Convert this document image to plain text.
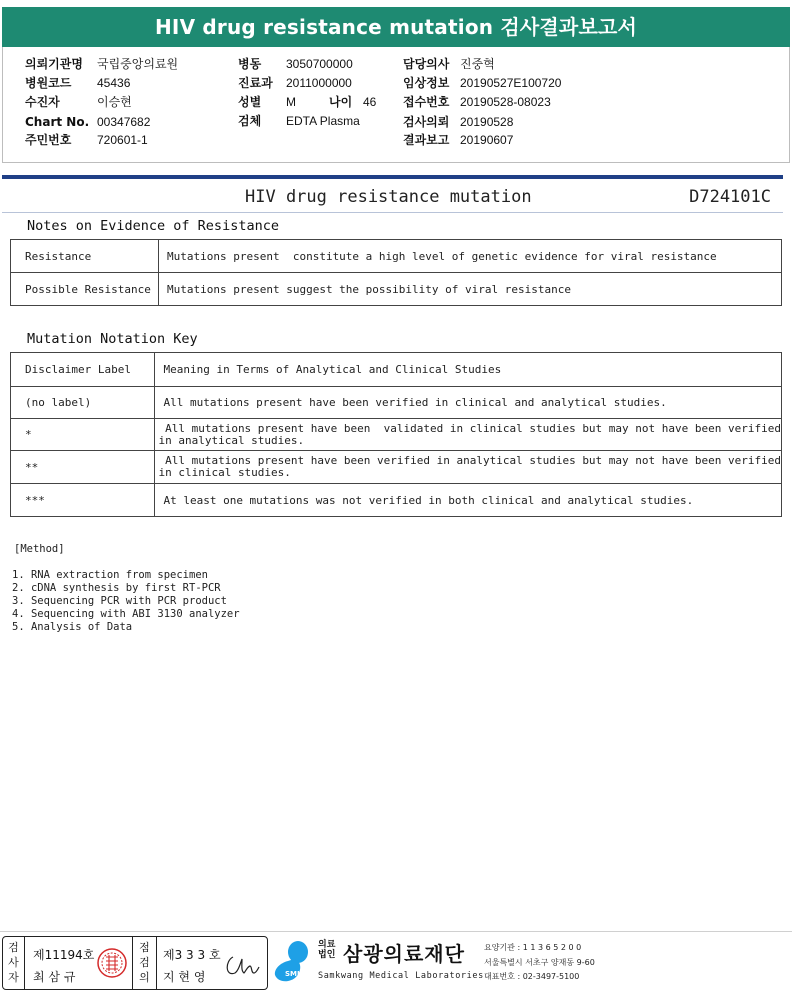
HIV drug resistance mutation 검사결과보고서
의뢰기관명 국립중앙의료원
병원코드 45436
수진자	이승현
Chart No. 00347682
주민번호 720601-1
병동 3050700000
진료과 2011000000
성별 M	나이 46
검체 EDTA Plasma
담당의사 진중혁
임상정보 20190527E100720
접수번호 20190528-08023
검사의뢰 20190528
결과보고 20190607
HIV drug resistance mutation	D724101C
Notes on Evidence of Resistance
Resistance	Mutations present  constitute a high level of genetic evidence for viral resistance
Possible Resistance	Mutations present suggest the possibility of viral resistance
Mutation Notation Key
Disclaimer Label	Meaning in Terms of Analytical and Clinical Studies
(no label)	All mutations present have been verified in clinical and analytical studies.
*	All mutations present have been  validated in clinical studies but may not have been verified
in analytical studies.

**	All mutations present have been verified in analytical studies but may not have been verified
in clinical studies.

***	At least one mutations was not verified in both clinical and analytical studies.
[Method]
1. RNA extraction from specimen
2. cDNA synthesis by first RT-PCR
3. Sequencing PCR with PCR product
4. Sequencing with ABI 3130 analyzer
5. Analysis of Data
검사자
제11194호
최 삼 규
점검의
제3 3 3 호
지 현 영	SML
의료
법인 삼광의료재단
Samkwang Medical Laboratories
요양기관 : 1 1 3 6 5 2 0 0
서울특별시 서초구 양재동 9-60
대표번호 : 02-3497-5100
